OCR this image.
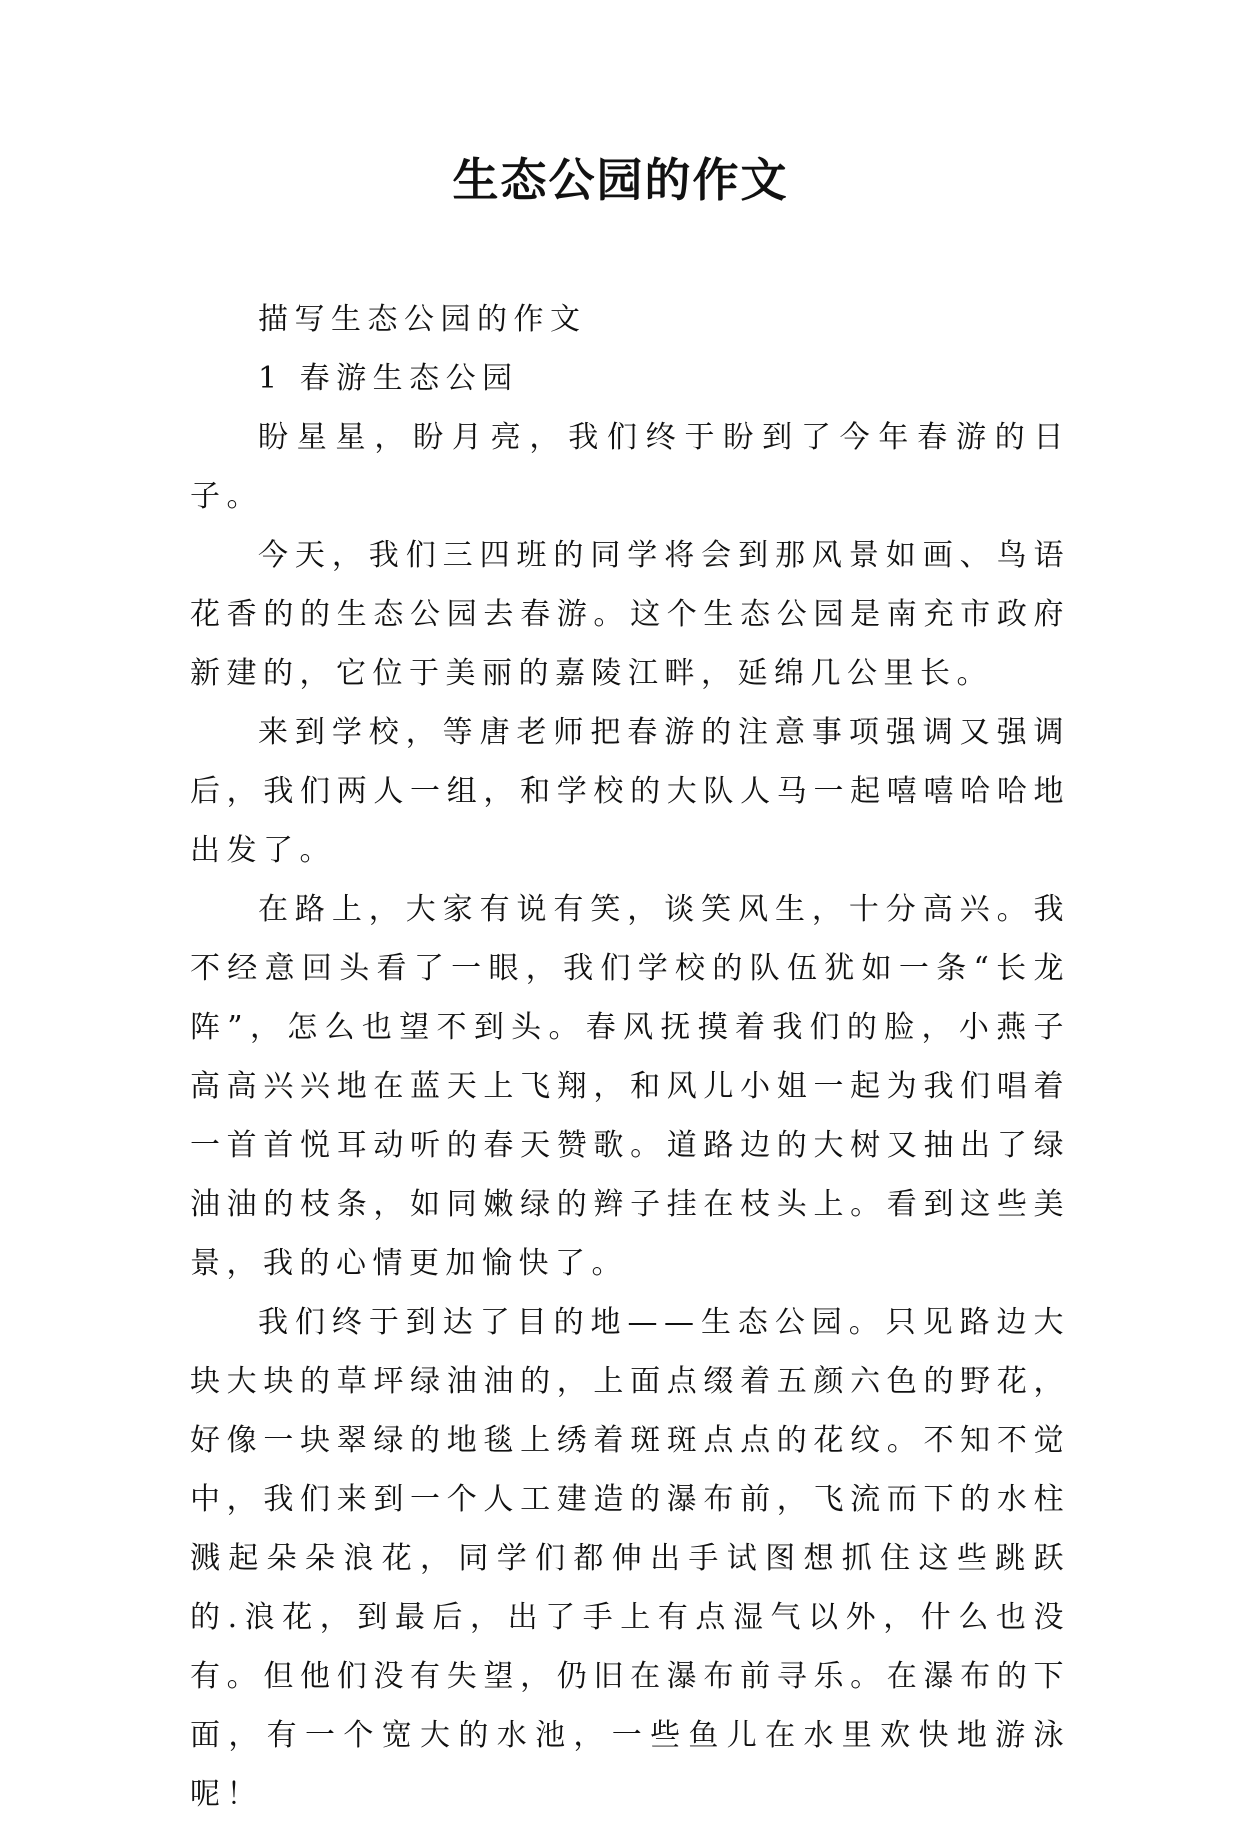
生态公园的作文

描写生态公园的作文

1 春游生态公园

盼星星，盼月亮，我们终于盼到了今年春游的日子。

今天，我们三四班的同学将会到那风景如画、鸟语花香的的生态公园去春游。这个生态公园是南充市政府新建的，它位于美丽的嘉陵江畔，延绵几公里长。

来到学校，等唐老师把春游的注意事项强调又强调后，我们两人一组，和学校的大队人马一起嘻嘻哈哈地出发了。

在路上，大家有说有笑，谈笑风生，十分高兴。我不经意回头看了一眼，我们学校的队伍犹如一条“长龙阵”，怎么也望不到头。春风抚摸着我们的脸，小燕子高高兴兴地在蓝天上飞翔，和风儿小姐一起为我们唱着一首首悦耳动听的春天赞歌。道路边的大树又抽出了绿油油的枝条，如同嫩绿的辫子挂在枝头上。看到这些美景，我的心情更加愉快了。

我们终于到达了目的地——生态公园。只见路边大块大块的草坪绿油油的，上面点缀着五颜六色的野花，好像一块翠绿的地毯上绣着斑斑点点的花纹。不知不觉中，我们来到一个人工建造的瀑布前，飞流而下的水柱溅起朵朵浪花，同学们都伸出手试图想抓住这些跳跃的.浪花，到最后，出了手上有点湿气以外，什么也没有。但他们没有失望，仍旧在瀑布前寻乐。在瀑布的下面，有一个宽大的水池，一些鱼儿在水里欢快地游泳呢！
